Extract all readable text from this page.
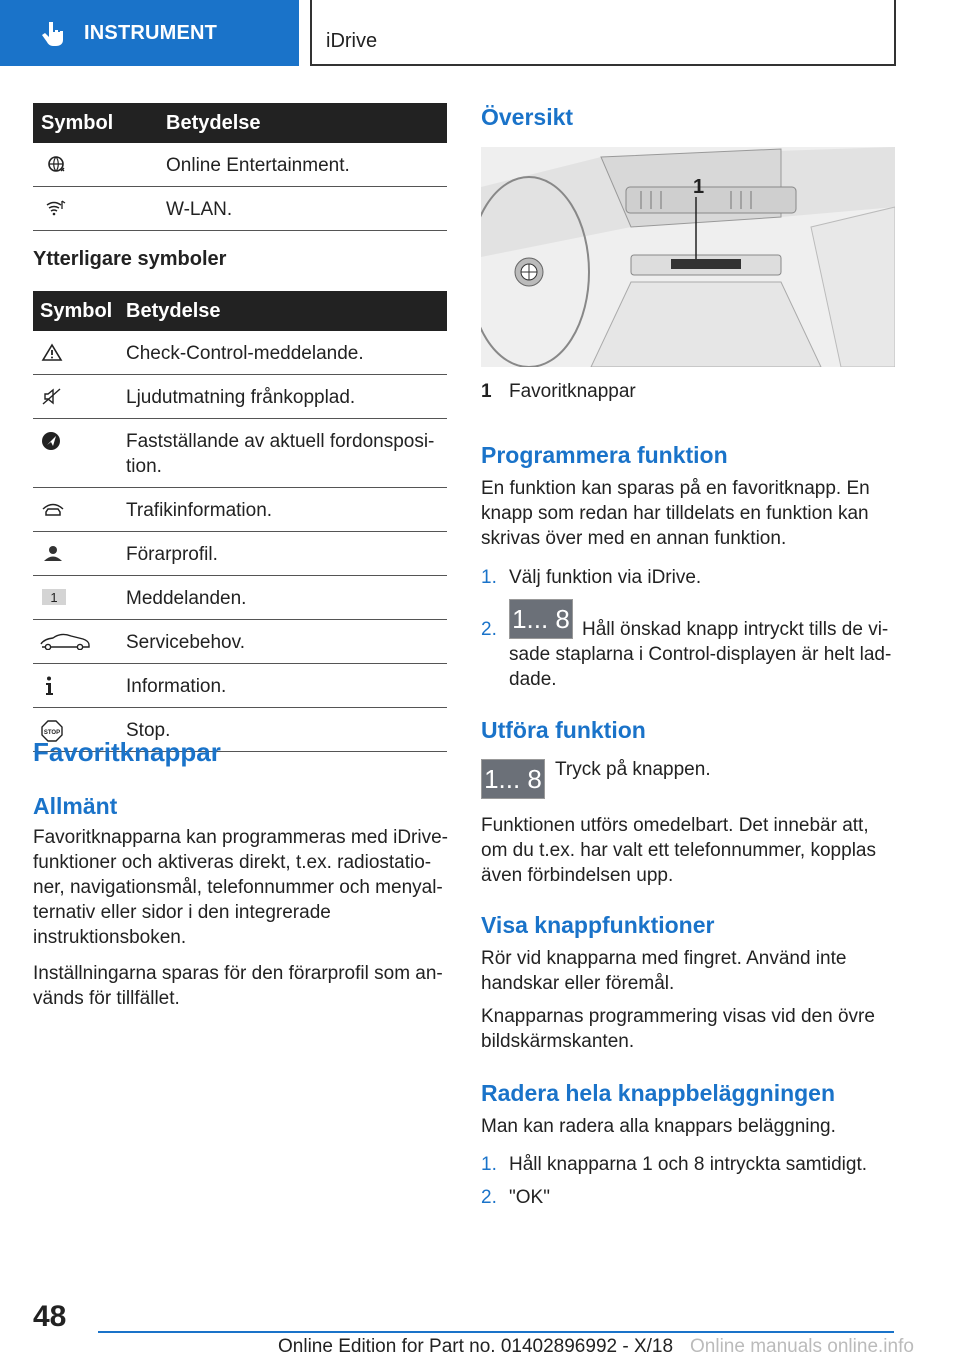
INSTRUMENT	iDrive
Symbol	Betydelse

	Online Entertainment.

	W-LAN.
Ytterligare symboler
Symbol	Betydelse

	Check-Control-meddelande.

	Ljudutmatning frånkopplad.

	Fastställande av aktuell fordonsposi-
tion.

	Trafikinformation.

	Förarprofil.

1	Meddelanden.

	Servicebehov.

	Information.

STOP	Stop.
Favoritknappar
Allmänt
Favoritknapparna kan programmeras med iDrive-
funktioner och aktiveras direkt, t.ex. radiostatio-
ner, navigationsmål, telefonnummer och menyal-
ternativ eller sidor i den integrerade
instruktionsboken.
Inställningarna sparas för den förarprofil som an-
vänds för tillfället.
Översikt
1
1 Favoritknappar
Programmera funktion
En funktion kan sparas på en favoritknapp. En
knapp som redan har tilldelats en funktion kan
skrivas över med en annan funktion.
1. Välj funktion via iDrive.
2. 1... 8 Håll önskad knapp intryckt tills de vi-
sade staplarna i Control-displayen är helt lad-
dade.
Utföra funktion
1... 8 Tryck på knappen.
Funktionen utförs omedelbart. Det innebär att,
om du t.ex. har valt ett telefonnummer, kopplas
även förbindelsen upp.
Visa knappfunktioner
Rör vid knapparna med fingret. Använd inte
handskar eller föremål.
Knapparnas programmering visas vid den övre
bildskärmskanten.
Radera hela knappbeläggningen
Man kan radera alla knappars beläggning.
1. Håll knapparna 1 och 8 intryckta samtidigt.
2. "OK"
48
Online Edition for Part no. 01402896992 - X/18 Online manuals online.info
